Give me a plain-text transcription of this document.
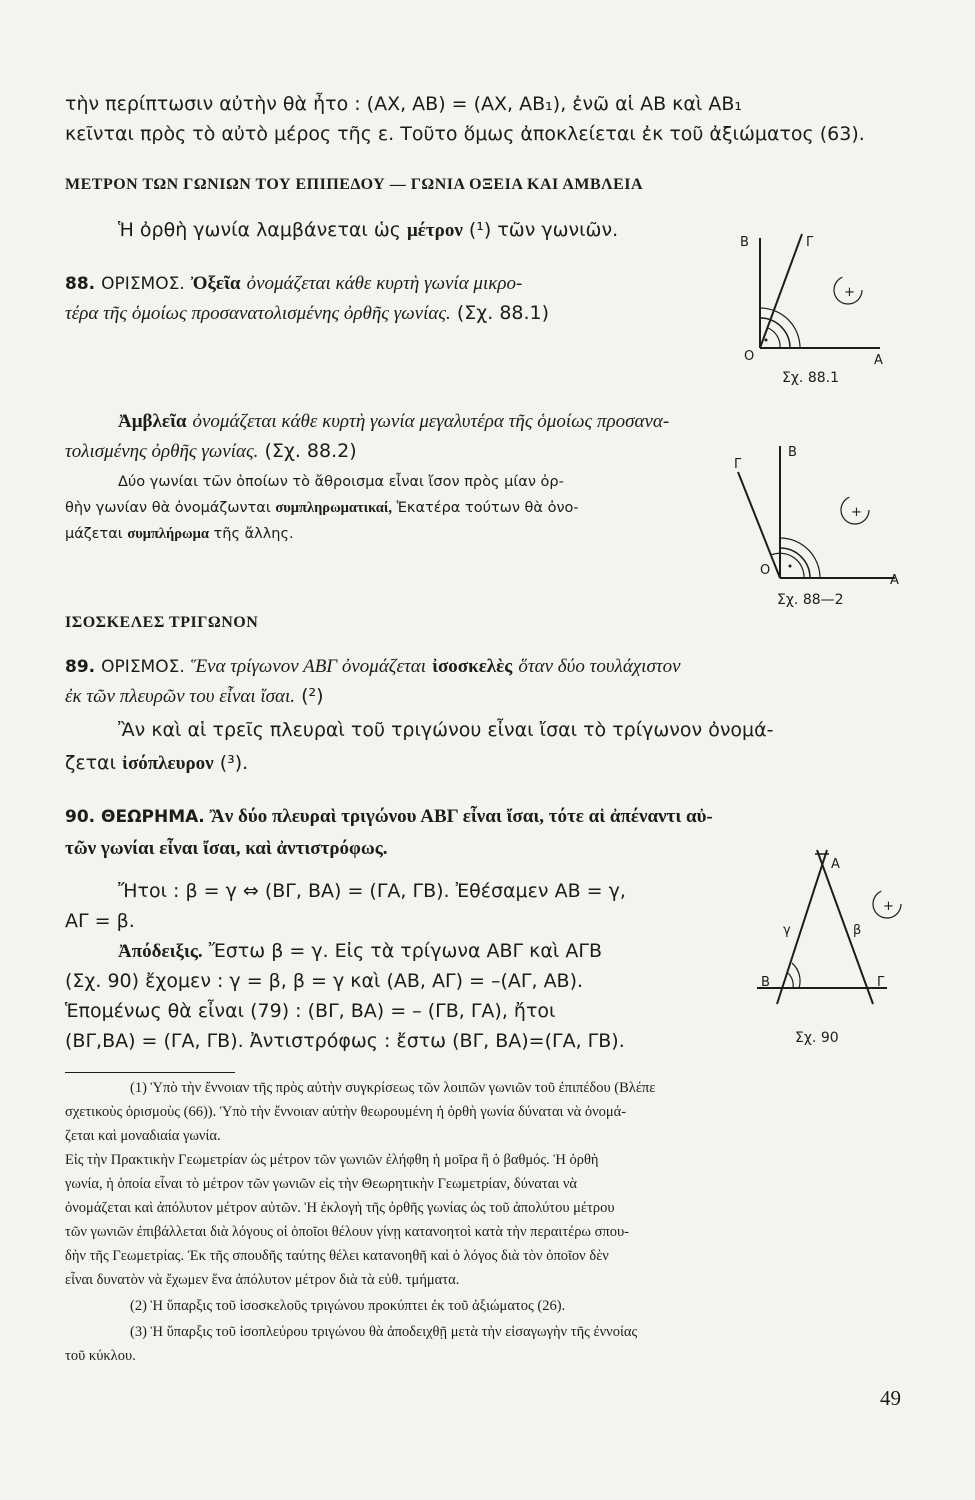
τὴν περίπτωσιν αὐτὴν θὰ ἦτο : (ΑΧ, ΑΒ) = (ΑΧ, ΑΒ₁), ἐνῶ αἱ ΑΒ καὶ ΑΒ₁
κεῖνται πρὸς τὸ αὐτὸ μέρος τῆς ε. Τοῦτο ὅμως ἀποκλείεται ἐκ τοῦ ἀξιώματος (63).
ΜΕΤΡΟΝ ΤΩΝ ΓΩΝΙΩΝ ΤΟΥ ΕΠΙΠΕΔΟΥ — ΓΩΝΙΑ ΟΞΕΙΑ ΚΑΙ ΑΜΒΛΕΙΑ
Ἡ ὀρθὴ γωνία λαμβάνεται ὡς μέτρον (¹) τῶν γωνιῶν.
88. ΟΡΙΣΜΟΣ. Ὀξεῖα ὀνομάζεται κάθε κυρτὴ γωνία μικρο-
τέρα τῆς ὁμοίως προσανατολισμένης ὀρθῆς γωνίας. (Σχ. 88.1)
+
Β	Γ
Ο	Α
Σχ. 88.1
Ἀμβλεῖα ὀνομάζεται κάθε κυρτὴ γωνία μεγαλυτέρα τῆς ὁμοίως προσανα-
τολισμένης ὀρθῆς γωνίας. (Σχ. 88.2)
Δύο γωνίαι τῶν ὁποίων τὸ ἄθροισμα εἶναι ἴσον πρὸς μίαν ὀρ-
θὴν γωνίαν θὰ ὀνομάζωνται συμπληρωματικαί, Ἑκατέρα τούτων θὰ ὀνο-
μάζεται συμπλήρωμα τῆς ἄλλης.
+
Β
Γ
Ο
Α
Σχ. 88—2
ΙΣΟΣΚΕΛΕΣ ΤΡΙΓΩΝΟΝ
89. ΟΡΙΣΜΟΣ. Ἕνα τρίγωνον ΑΒΓ ὀνομάζεται ἰσοσκελὲς ὅταν δύο τουλάχιστον
ἐκ τῶν πλευρῶν του εἶναι ἴσαι. (²)
Ἂν καὶ αἱ τρεῖς πλευραὶ τοῦ τριγώνου εἶναι ἴσαι τὸ τρίγωνον ὀνομά-
ζεται ἰσόπλευρον (³).
90. ΘΕΩΡΗΜΑ. Ἂν δύο πλευραὶ τριγώνου ΑΒΓ εἶναι ἴσαι, τότε αἱ ἀπέναντι αὐ-
τῶν γωνίαι εἶναι ἴσαι, καὶ ἀντιστρόφως.
Ἤτοι : β = γ ⇔ (ΒΓ, ΒΑ) = (ΓΑ, ΓΒ). Ἐθέσαμεν ΑΒ = γ,
ΑΓ = β.
Ἀπόδειξις. Ἔστω β = γ. Εἰς τὰ τρίγωνα ΑΒΓ καὶ ΑΓΒ
(Σχ. 90) ἔχομεν : γ = β, β = γ καὶ (ΑΒ, ΑΓ) = –(ΑΓ, ΑΒ).
Ἑπομένως θὰ εἶναι (79) : (ΒΓ, ΒΑ) = – (ΓΒ, ΓΑ), ἤτοι
(ΒΓ,ΒΑ) = (ΓΑ, ΓΒ). Ἀντιστρόφως : ἔστω (ΒΓ, ΒΑ)=(ΓΑ, ΓΒ).
Α
γ	β
Β	Γ
+
Σχ. 90
(1) Ὑπὸ τὴν ἔννοιαν τῆς πρὸς αὐτὴν συγκρίσεως τῶν λοιπῶν γωνιῶν τοῦ ἐπιπέδου (Βλέπε
σχετικοὺς ὁρισμοὺς (66)). Ὑπὸ τὴν ἔννοιαν αὐτὴν θεωρουμένη ἡ ὀρθὴ γωνία δύναται νὰ ὀνομά-
ζεται καὶ μοναδιαία γωνία.
Εἰς τὴν Πρακτικὴν Γεωμετρίαν ὡς μέτρον τῶν γωνιῶν ἐλήφθη ἡ μοῖρα ἢ ὁ βαθμός. Ἡ ὀρθὴ
γωνία, ἡ ὁποία εἶναι τὸ μέτρον τῶν γωνιῶν εἰς τὴν Θεωρητικὴν Γεωμετρίαν, δύναται νὰ
ὀνομάζεται καὶ ἀπόλυτον μέτρον αὐτῶν. Ἡ ἐκλογὴ τῆς ὀρθῆς γωνίας ὡς τοῦ ἀπολύτου μέτρου
τῶν γωνιῶν ἐπιβάλλεται διὰ λόγους οἱ ὁποῖοι θέλουν γίνῃ κατανοητοὶ κατὰ τὴν περαιτέρω σπου-
δὴν τῆς Γεωμετρίας. Ἐκ τῆς σπουδῆς ταύτης θέλει κατανοηθῆ καὶ ὁ λόγος διὰ τὸν ὁποῖον δὲν
εἶναι δυνατὸν νὰ ἔχωμεν ἕνα ἀπόλυτον μέτρον διὰ τὰ εὐθ. τμήματα.
(2) Ἡ ὕπαρξις τοῦ ἰσοσκελοῦς τριγώνου προκύπτει ἐκ τοῦ ἀξιώματος (26).
(3) Ἡ ὕπαρξις τοῦ ἰσοπλεύρου τριγώνου θὰ ἀποδειχθῇ μετὰ τὴν εἰσαγωγὴν τῆς ἐννοίας
τοῦ κύκλου.
49
